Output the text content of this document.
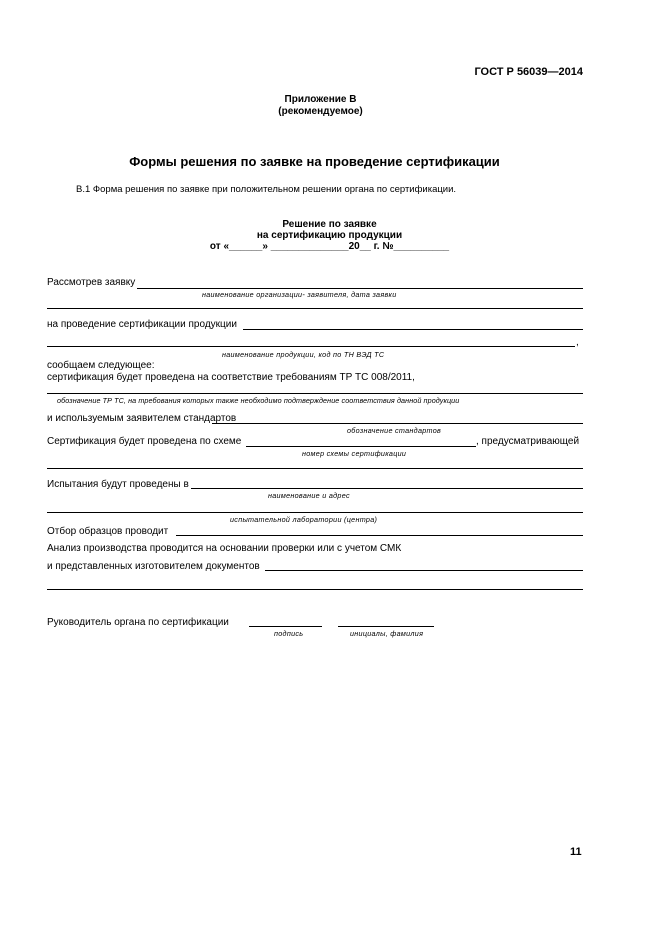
ГОСТ Р 56039—2014
Приложение В
(рекомендуемое)
Формы решения по заявке на проведение сертификации
В.1 Форма решения по заявке при положительном решении органа по сертификации.
Решение по заявке
на сертификацию продукции
от «______» ______________20__ г. №__________
Рассмотрев заявку
наименование организации- заявителя, дата заявки
на проведение сертификации продукции
,
наименование продукции, код по ТН ВЭД ТС
сообщаем следующее:
сертификация будет проведена на соответствие требованиям ТР ТС 008/2011,
обозначение ТР ТС, на требования которых также необходимо подтверждение соответствия данной продукции
и используемым заявителем стандартов
обозначение стандартов
Сертификация будет проведена по схеме	, предусматривающей
номер схемы сертификации
Испытания будут проведены в
наименование и адрес
испытательной лаборатории (центра)
Отбор образцов проводит
Анализ производства проводится на основании проверки или с учетом СМК
и представленных изготовителем документов
Руководитель органа по сертификации
подпись	инициалы, фамилия
11
